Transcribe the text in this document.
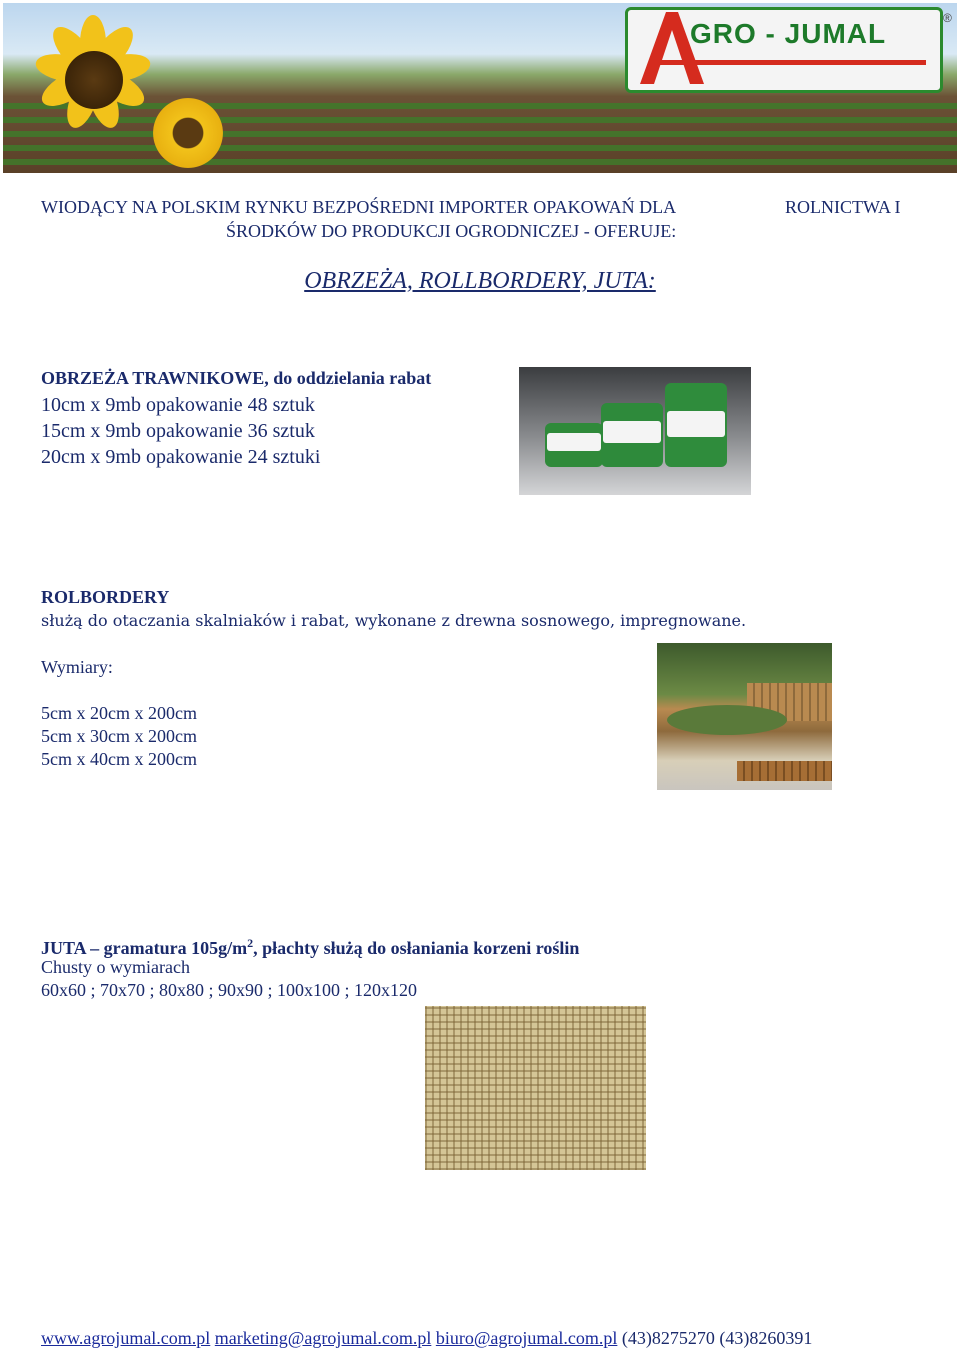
GRO - JUMAL	®
WIODĄCY NA POLSKIM RYNKU BEZPOŚREDNI IMPORTER OPAKOWAŃ DLA	ROLNICTWA I
ŚRODKÓW DO PRODUKCJI OGRODNICZEJ - OFERUJE:
OBRZEŻA, ROLLBORDERY, JUTA:
OBRZEŻA TRAWNIKOWE, do oddzielania rabat
10cm x 9mb opakowanie 48 sztuk
15cm x 9mb opakowanie 36 sztuk
20cm x 9mb opakowanie 24 sztuki
ROLBORDERY
służą do otaczania skalniaków i rabat, wykonane z drewna sosnowego, impregnowane.
Wymiary:
5cm x 20cm x 200cm
5cm x 30cm x 200cm
5cm x 40cm x 200cm
JUTA – gramatura $105g/m^2$, płachty służą do osłaniania korzeni roślin
Chusty o wymiarach
60x60 ; 70x70 ; 80x80 ; 90x90 ; 100x100 ; 120x120
www.agrojumal.com.pl marketing@agrojumal.com.pl biuro@agrojumal.com.pl (43)8275270 (43)8260391
